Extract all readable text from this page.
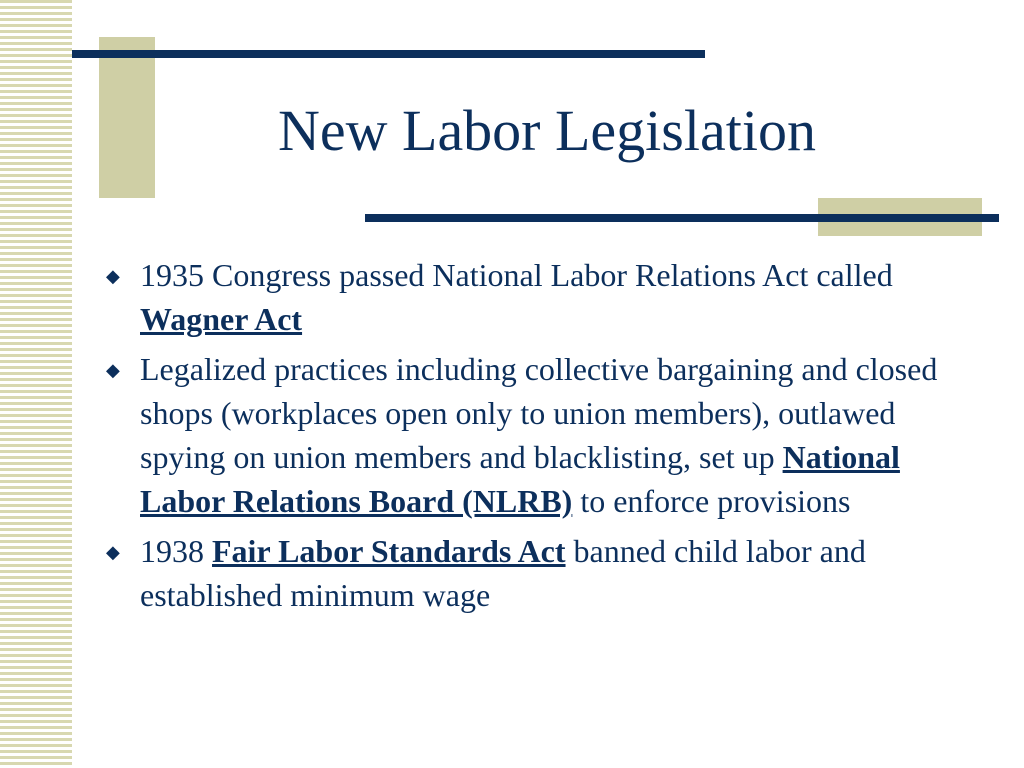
New Labor Legislation
◆ 1935 Congress passed National Labor Relations Act called Wagner Act
◆ Legalized practices including collective bargaining and closed shops (workplaces open only to union members), outlawed spying on union members and blacklisting, set up National Labor Relations Board (NLRB) to enforce provisions
◆ 1938 Fair Labor Standards Act banned child labor and established minimum wage
